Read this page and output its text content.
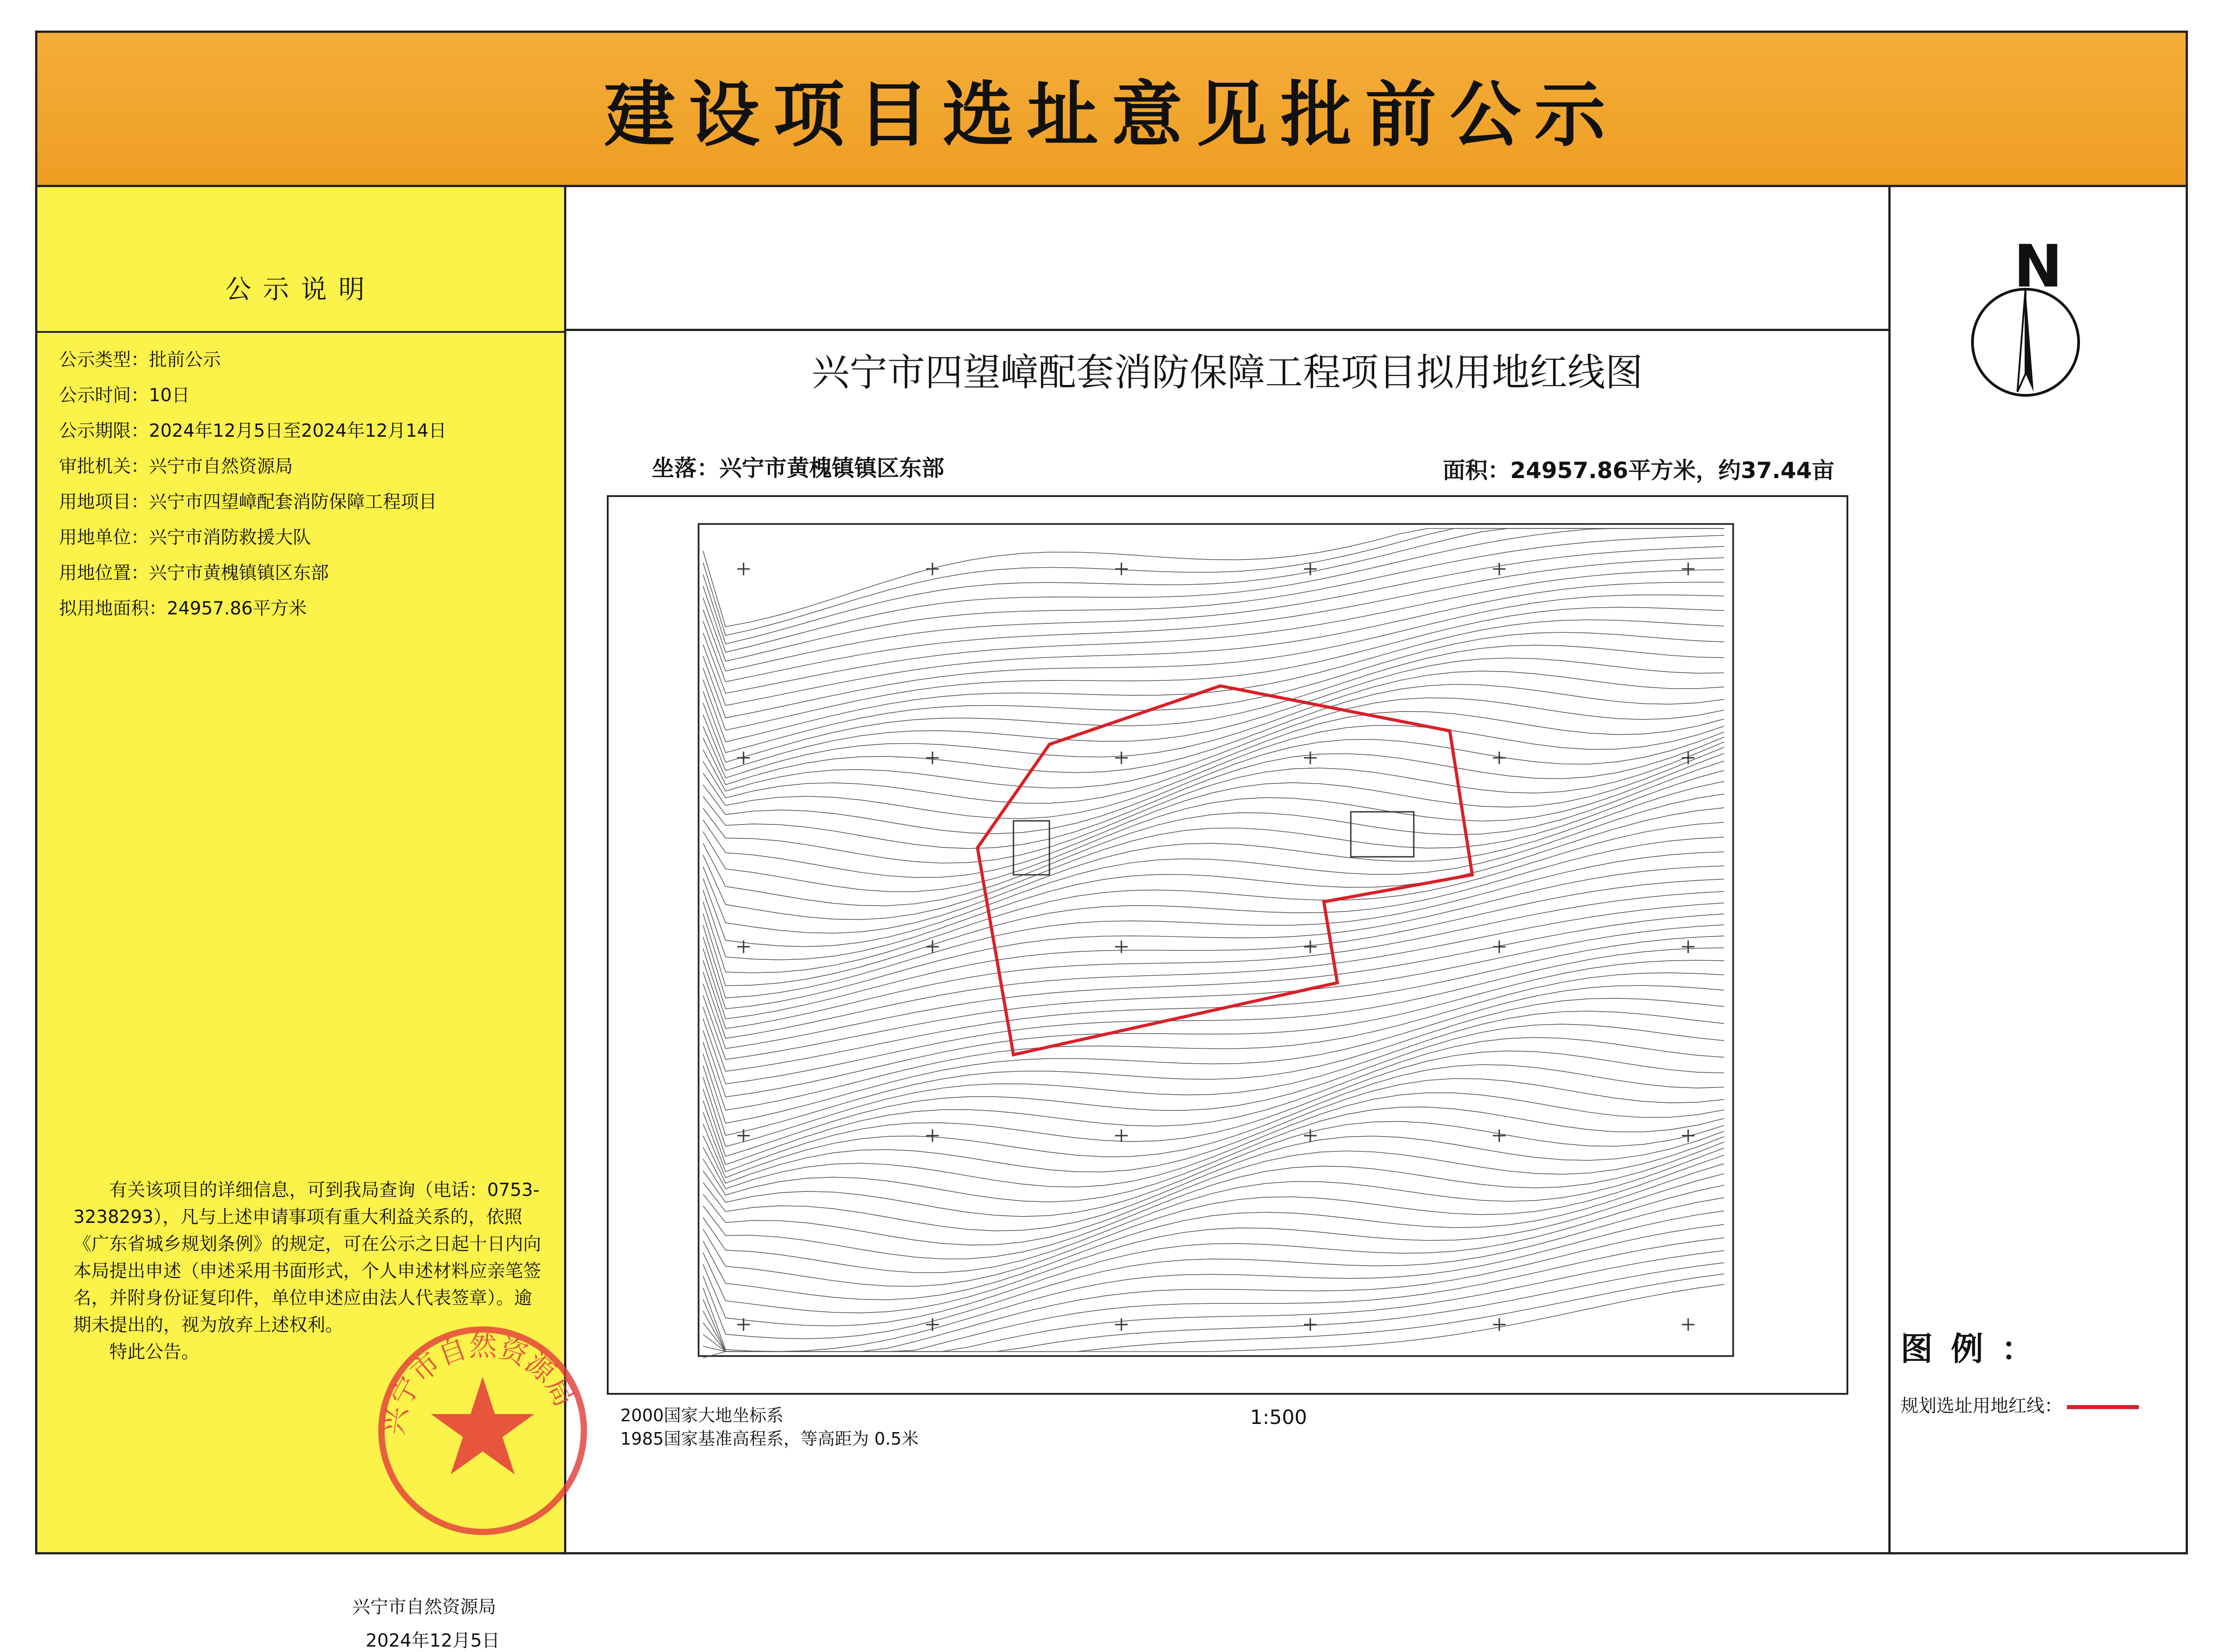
建设项目选址意见批前公示
公示说明
公示类型：批前公示
公示时间：10日
公示期限：2024年12月5日至2024年12月14日
审批机关：兴宁市自然资源局
用地项目：兴宁市四望嶂配套消防保障工程项目
用地单位：兴宁市消防救援大队
用地位置：兴宁市黄槐镇镇区东部
拟用地面积：24957.86平方米
有关该项目的详细信息，可到我局查询（电话：0753-3238293），凡与上述申请事项有重大利益关系的，依照《广东省城乡规划条例》的规定，可在公示之日起十日内向本局提出申述（申述采用书面形式，个人申述材料应亲笔签名，并附身份证复印件，单位申述应由法人代表签章）。逾期未提出的，视为放弃上述权利。
特此公告。
兴宁市自然资源局
2024年12月5日
兴宁市自然资源局
兴宁市四望嶂配套消防保障工程项目拟用地红线图
坐落：兴宁市黄槐镇镇区东部	面积：24957.86平方米，约37.44亩
2000国家大地坐标系
1985国家基准高程系，等高距为 0.5米
1:500
N
图例：
规划选址用地红线：
